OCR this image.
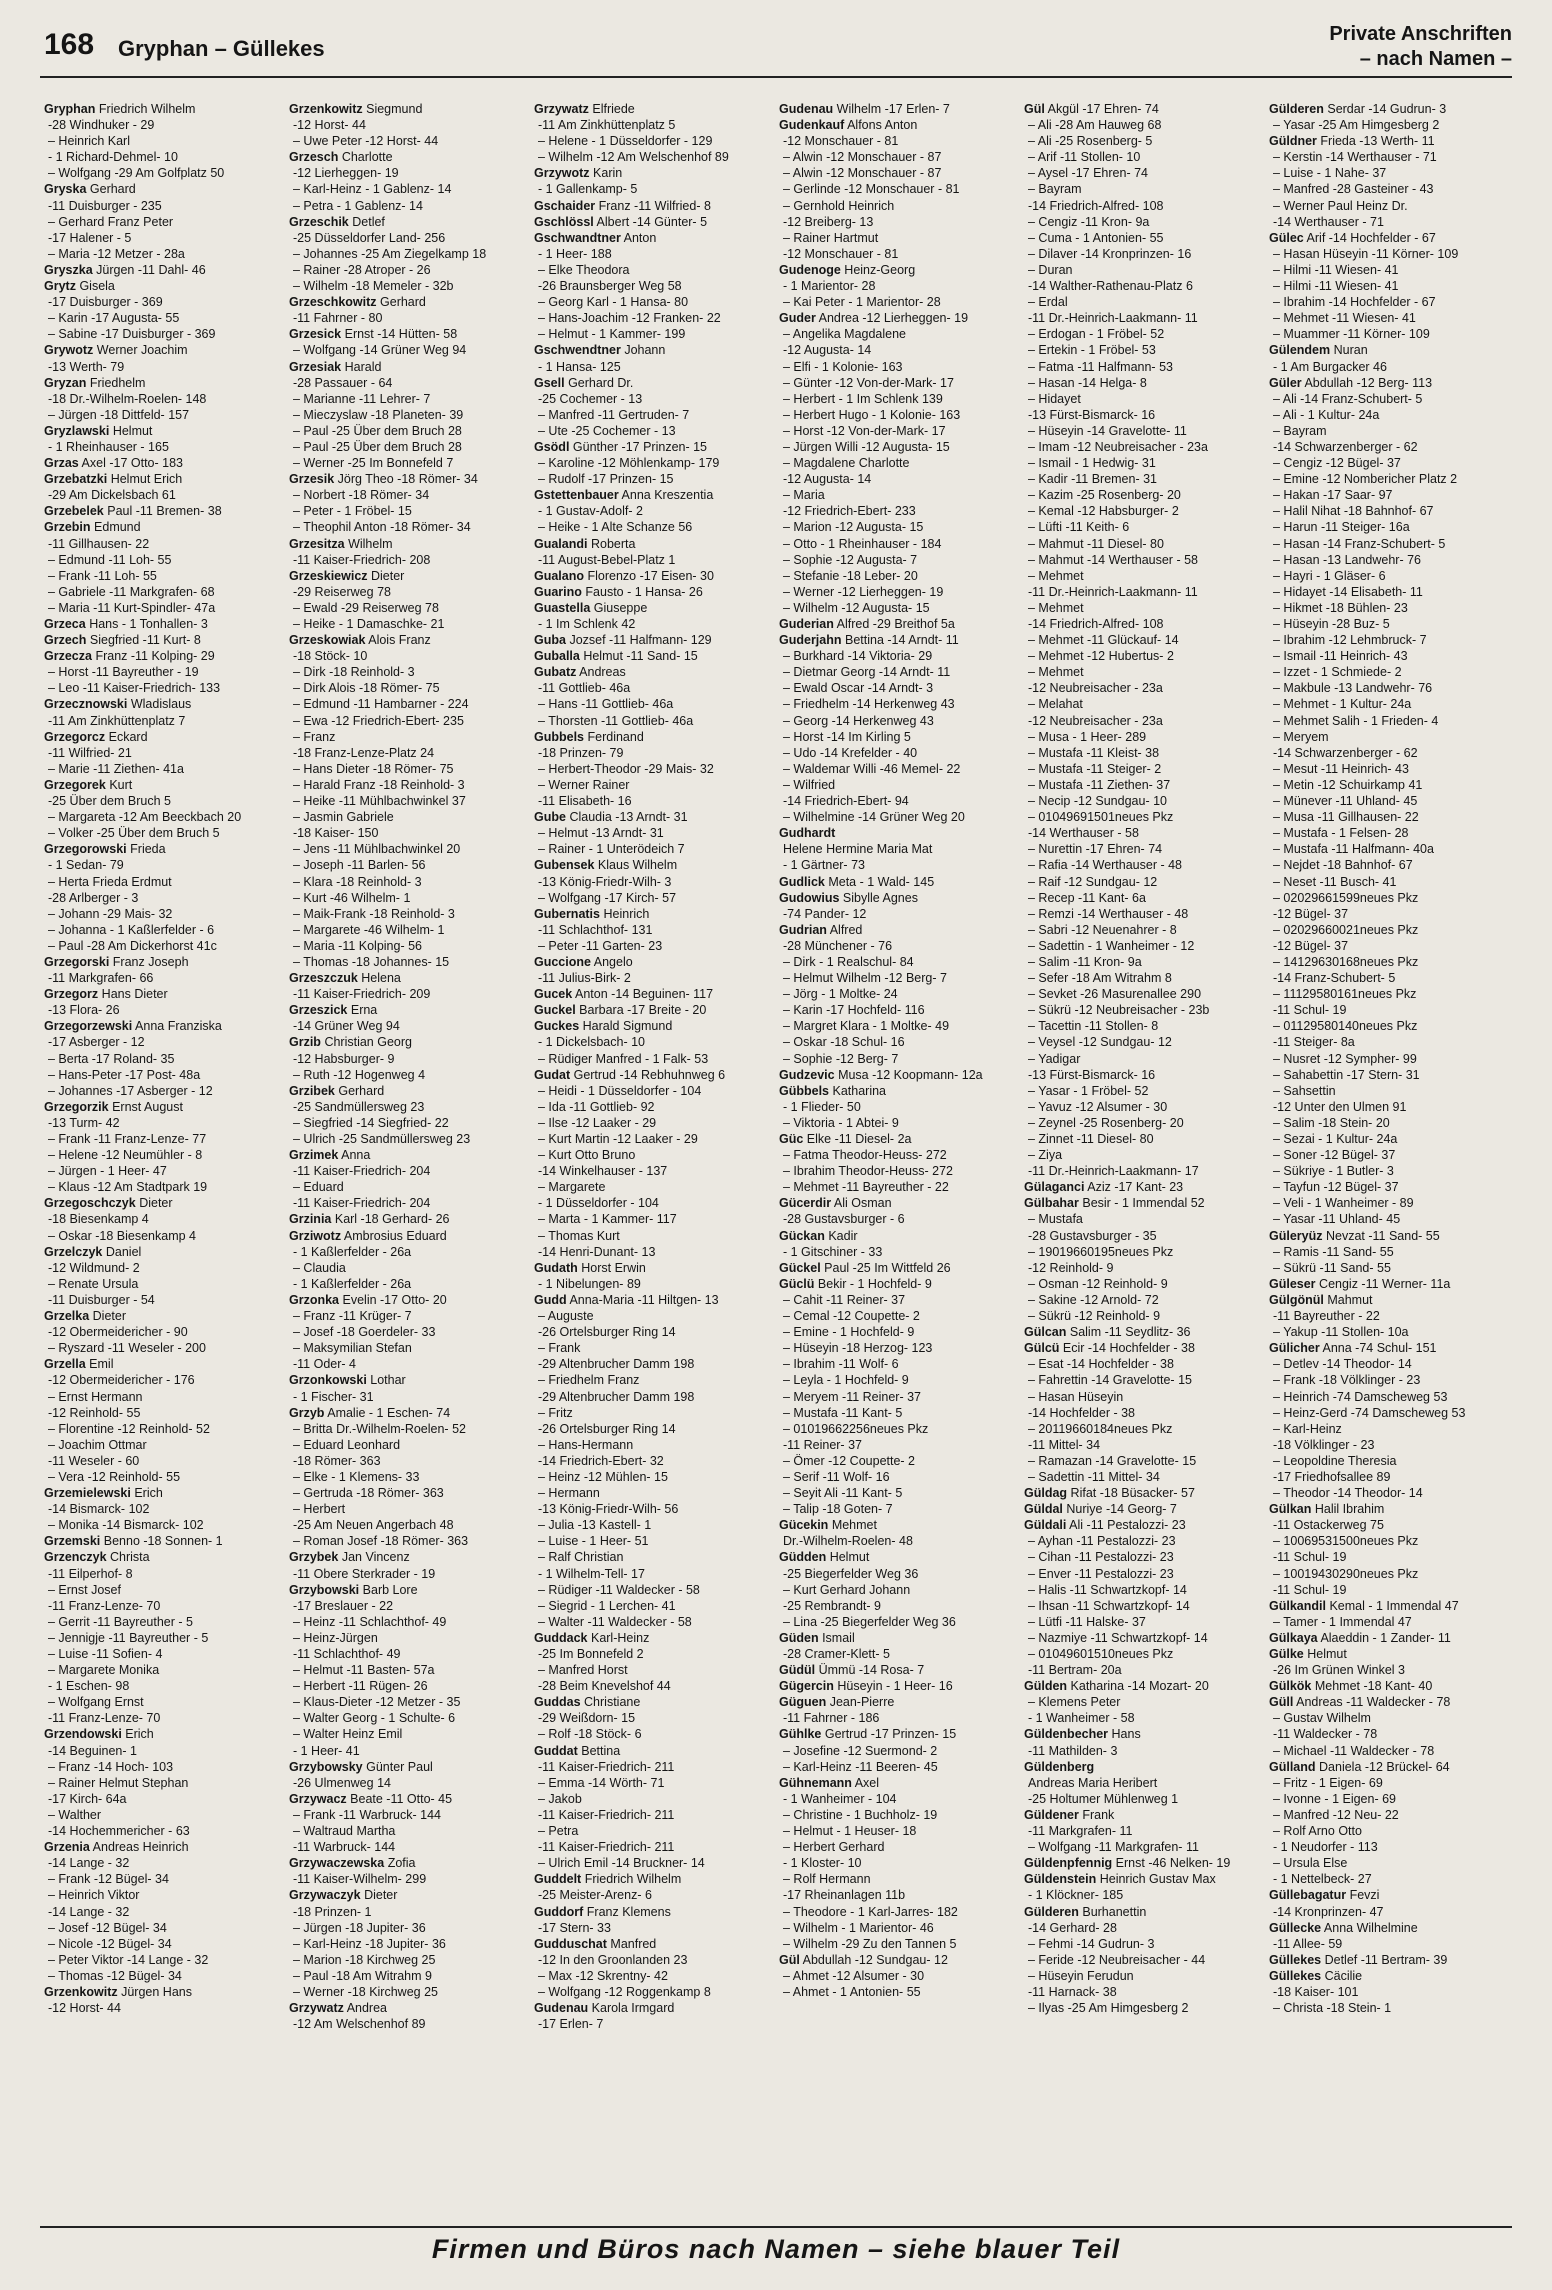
168 Gryphan – Güllekes
Private Anschriften
– nach Namen –
Gryphan Friedrich Wilhelm
-28 Windhuker - 29
– Heinrich Karl
- 1 Richard-Dehmel- 10
– Wolfgang -29 Am Golfplatz 50
Gryska Gerhard
-11 Duisburger - 235
– Gerhard Franz Peter
-17 Halener - 5
– Maria -12 Metzer - 28a
Gryszka Jürgen -11 Dahl- 46
Grytz Gisela
-17 Duisburger - 369
– Karin -17 Augusta- 55
– Sabine -17 Duisburger - 369
Grywotz Werner Joachim
-13 Werth- 79
Gryzan Friedhelm
-18 Dr.-Wilhelm-Roelen- 148
– Jürgen -18 Dittfeld- 157
Gryzlawski Helmut
- 1 Rheinhauser - 165
Grzas Axel -17 Otto- 183
Grzebatzki Helmut Erich
-29 Am Dickelsbach 61
Grzebelek Paul -11 Bremen- 38
Grzebin Edmund
-11 Gillhausen- 22
– Edmund -11 Loh- 55
– Frank -11 Loh- 55
– Gabriele -11 Markgrafen- 68
– Maria -11 Kurt-Spindler- 47a
Grzeca Hans - 1 Tonhallen- 3
Grzech Siegfried -11 Kurt- 8
Grzecza Franz -11 Kolping- 29
– Horst -11 Bayreuther - 19
– Leo -11 Kaiser-Friedrich- 133
Grzecznowski Wladislaus
-11 Am Zinkhüttenplatz 7
Grzegorcz Eckard
-11 Wilfried- 21
– Marie -11 Ziethen- 41a
Grzegorek Kurt
-25 Über dem Bruch 5
– Margareta -12 Am Beeckbach 20
– Volker -25 Über dem Bruch 5
Grzegorowski Frieda
- 1 Sedan- 79
– Herta Frieda Erdmut
-28 Arlberger - 3
– Johann -29 Mais- 32
– Johanna - 1 Kaßlerfelder - 6
– Paul -28 Am Dickerhorst 41c
Grzegorski Franz Joseph
-11 Markgrafen- 66
Grzegorz Hans Dieter
-13 Flora- 26
Grzegorzewski Anna Franziska
-17 Asberger - 12
– Berta -17 Roland- 35
– Hans-Peter -17 Post- 48a
– Johannes -17 Asberger - 12
Grzegorzik Ernst August
-13 Turm- 42
– Frank -11 Franz-Lenze- 77
– Helene -12 Neumühler - 8
– Jürgen - 1 Heer- 47
– Klaus -12 Am Stadtpark 19
Grzegoschczyk Dieter
-18 Biesenkamp 4
– Oskar -18 Biesenkamp 4
Grzelczyk Daniel
-12 Wildmund- 2
– Renate Ursula
-11 Duisburger - 54
Grzelka Dieter
-12 Obermeidericher - 90
– Ryszard -11 Weseler - 200
Grzella Emil
-12 Obermeidericher - 176
– Ernst Hermann
-12 Reinhold- 55
– Florentine -12 Reinhold- 52
– Joachim Ottmar
-11 Weseler - 60
– Vera -12 Reinhold- 55
Grzemielewski Erich
-14 Bismarck- 102
– Monika -14 Bismarck- 102
Grzemski Benno -18 Sonnen- 1
Grzenczyk Christa
-11 Eilperhof- 8
– Ernst Josef
-11 Franz-Lenze- 70
– Gerrit -11 Bayreuther - 5
– Jennigje -11 Bayreuther - 5
– Luise -11 Sofien- 4
– Margarete Monika
- 1 Eschen- 98
– Wolfgang Ernst
-11 Franz-Lenze- 70
Grzendowski Erich
-14 Beguinen- 1
– Franz -14 Hoch- 103
– Rainer Helmut Stephan
-17 Kirch- 64a
– Walther
-14 Hochemmericher - 63
Grzenia Andreas Heinrich
-14 Lange - 32
– Frank -12 Bügel- 34
– Heinrich Viktor
-14 Lange - 32
– Josef -12 Bügel- 34
– Nicole -12 Bügel- 34
– Peter Viktor -14 Lange - 32
– Thomas -12 Bügel- 34
Grzenkowitz Jürgen Hans
-12 Horst- 44
Grzenkowitz Siegmund
-12 Horst- 44
– Uwe Peter -12 Horst- 44
Grzesch Charlotte
-12 Lierheggen- 19
– Karl-Heinz - 1 Gablenz- 14
– Petra - 1 Gablenz- 14
Grzeschik Detlef
-25 Düsseldorfer Land- 256
– Johannes -25 Am Ziegelkamp 18
– Rainer -28 Atroper - 26
– Wilhelm -18 Memeler - 32b
Grzeschkowitz Gerhard
-11 Fahrner - 80
Grzesick Ernst -14 Hütten- 58
– Wolfgang -14 Grüner Weg 94
Grzesiak Harald
-28 Passauer - 64
– Marianne -11 Lehrer- 7
– Mieczyslaw -18 Planeten- 39
– Paul -25 Über dem Bruch 28
– Paul -25 Über dem Bruch 28
– Werner -25 Im Bonnefeld 7
Grzesik Jörg Theo -18 Römer- 34
– Norbert -18 Römer- 34
– Peter - 1 Fröbel- 15
– Theophil Anton -18 Römer- 34
Grzesitza Wilhelm
-11 Kaiser-Friedrich- 208
Grzeskiewicz Dieter
-29 Reiserweg 78
– Ewald -29 Reiserweg 78
– Heike - 1 Damaschke- 21
Grzeskowiak Alois Franz
-18 Stöck- 10
– Dirk -18 Reinhold- 3
– Dirk Alois -18 Römer- 75
– Edmund -11 Hambarner - 224
– Ewa -12 Friedrich-Ebert- 235
– Franz
-18 Franz-Lenze-Platz 24
– Hans Dieter -18 Römer- 75
– Harald Franz -18 Reinhold- 3
– Heike -11 Mühlbachwinkel 37
– Jasmin Gabriele
-18 Kaiser- 150
– Jens -11 Mühlbachwinkel 20
– Joseph -11 Barlen- 56
– Klara -18 Reinhold- 3
– Kurt -46 Wilhelm- 1
– Maik-Frank -18 Reinhold- 3
– Margarete -46 Wilhelm- 1
– Maria -11 Kolping- 56
– Thomas -18 Johannes- 15
Grzeszczuk Helena
-11 Kaiser-Friedrich- 209
Grzeszick Erna
-14 Grüner Weg 94
Grzib Christian Georg
-12 Habsburger- 9
– Ruth -12 Hogenweg 4
Grzibek Gerhard
-25 Sandmüllersweg 23
– Siegfried -14 Siegfried- 22
– Ulrich -25 Sandmüllersweg 23
Grzimek Anna
-11 Kaiser-Friedrich- 204
– Eduard
-11 Kaiser-Friedrich- 204
Grzinia Karl -18 Gerhard- 26
Grziwotz Ambrosius Eduard
- 1 Kaßlerfelder - 26a
– Claudia
- 1 Kaßlerfelder - 26a
Grzonka Evelin -17 Otto- 20
– Franz -11 Krüger- 7
– Josef -18 Goerdeler- 33
– Maksymilian Stefan
-11 Oder- 4
Grzonkowski Lothar
- 1 Fischer- 31
Grzyb Amalie - 1 Eschen- 74
– Britta Dr.-Wilhelm-Roelen- 52
– Eduard Leonhard
-18 Römer- 363
– Elke - 1 Klemens- 33
– Gertruda -18 Römer- 363
– Herbert
-25 Am Neuen Angerbach 48
– Roman Josef -18 Römer- 363
Grzybek Jan Vincenz
-11 Obere Sterkrader - 19
Grzybowski Barb Lore
-17 Breslauer - 22
– Heinz -11 Schlachthof- 49
– Heinz-Jürgen
-11 Schlachthof- 49
– Helmut -11 Basten- 57a
– Herbert -11 Rügen- 26
– Klaus-Dieter -12 Metzer - 35
– Walter Georg - 1 Schulte- 6
– Walter Heinz Emil
- 1 Heer- 41
Grzybowsky Günter Paul
-26 Ulmenweg 14
Grzywacz Beate -11 Otto- 45
– Frank -11 Warbruck- 144
– Waltraud Martha
-11 Warbruck- 144
Grzywaczewska Zofia
-11 Kaiser-Wilhelm- 299
Grzywaczyk Dieter
-18 Prinzen- 1
– Jürgen -18 Jupiter- 36
– Karl-Heinz -18 Jupiter- 36
– Marion -18 Kirchweg 25
– Paul -18 Am Witrahm 9
– Werner -18 Kirchweg 25
Grzywatz Andrea
-12 Am Welschenhof 89
Grzywatz Elfriede
-11 Am Zinkhüttenplatz 5
– Helene - 1 Düsseldorfer - 129
– Wilhelm -12 Am Welschenhof 89
Grzywotz Karin
- 1 Gallenkamp- 5
Gschaider Franz -11 Wilfried- 8
Gschlössl Albert -14 Günter- 5
Gschwandtner Anton
- 1 Heer- 188
– Elke Theodora
-26 Braunsberger Weg 58
– Georg Karl - 1 Hansa- 80
– Hans-Joachim -12 Franken- 22
– Helmut - 1 Kammer- 199
Gschwendtner Johann
- 1 Hansa- 125
Gsell Gerhard Dr.
-25 Cochemer - 13
– Manfred -11 Gertruden- 7
– Ute -25 Cochemer - 13
Gsödl Günther -17 Prinzen- 15
– Karoline -12 Möhlenkamp- 179
– Rudolf -17 Prinzen- 15
Gstettenbauer Anna Kreszentia
- 1 Gustav-Adolf- 2
– Heike - 1 Alte Schanze 56
Gualandi Roberta
-11 August-Bebel-Platz 1
Gualano Florenzo -17 Eisen- 30
Guarino Fausto - 1 Hansa- 26
Guastella Giuseppe
- 1 Im Schlenk 42
Guba Jozsef -11 Halfmann- 129
Guballa Helmut -11 Sand- 15
Gubatz Andreas
-11 Gottlieb- 46a
– Hans -11 Gottlieb- 46a
– Thorsten -11 Gottlieb- 46a
Gubbels Ferdinand
-18 Prinzen- 79
– Herbert-Theodor -29 Mais- 32
– Werner Rainer
-11 Elisabeth- 16
Gube Claudia -13 Arndt- 31
– Helmut -13 Arndt- 31
– Rainer - 1 Unterödeich 7
Gubensek Klaus Wilhelm
-13 König-Friedr-Wilh- 3
– Wolfgang -17 Kirch- 57
Gubernatis Heinrich
-11 Schlachthof- 131
– Peter -11 Garten- 23
Guccione Angelo
-11 Julius-Birk- 2
Gucek Anton -14 Beguinen- 117
Guckel Barbara -17 Breite - 20
Guckes Harald Sigmund
- 1 Dickelsbach- 10
– Rüdiger Manfred - 1 Falk- 53
Gudat Gertrud -14 Rebhuhnweg 6
– Heidi - 1 Düsseldorfer - 104
– Ida -11 Gottlieb- 92
– Ilse -12 Laaker - 29
– Kurt Martin -12 Laaker - 29
– Kurt Otto Bruno
-14 Winkelhauser - 137
– Margarete
- 1 Düsseldorfer - 104
– Marta - 1 Kammer- 117
– Thomas Kurt
-14 Henri-Dunant- 13
Gudath Horst Erwin
- 1 Nibelungen- 89
Gudd Anna-Maria -11 Hiltgen- 13
– Auguste
-26 Ortelsburger Ring 14
– Frank
-29 Altenbrucher Damm 198
– Friedhelm Franz
-29 Altenbrucher Damm 198
– Fritz
-26 Ortelsburger Ring 14
– Hans-Hermann
-14 Friedrich-Ebert- 32
– Heinz -12 Mühlen- 15
– Hermann
-13 König-Friedr-Wilh- 56
– Julia -13 Kastell- 1
– Luise - 1 Heer- 51
– Ralf Christian
- 1 Wilhelm-Tell- 17
– Rüdiger -11 Waldecker - 58
– Siegrid - 1 Lerchen- 41
– Walter -11 Waldecker - 58
Guddack Karl-Heinz
-25 Im Bonnefeld 2
– Manfred Horst
-28 Beim Knevelshof 44
Guddas Christiane
-29 Weißdorn- 15
– Rolf -18 Stöck- 6
Guddat Bettina
-11 Kaiser-Friedrich- 211
– Emma -14 Wörth- 71
– Jakob
-11 Kaiser-Friedrich- 211
– Petra
-11 Kaiser-Friedrich- 211
– Ulrich Emil -14 Bruckner- 14
Guddelt Friedrich Wilhelm
-25 Meister-Arenz- 6
Guddorf Franz Klemens
-17 Stern- 33
Gudduschat Manfred
-12 In den Groonlanden 23
– Max -12 Skrentny- 42
– Wolfgang -12 Roggenkamp 8
Gudenau Karola Irmgard
-17 Erlen- 7
Gudenau Wilhelm -17 Erlen- 7
Gudenkauf Alfons Anton
-12 Monschauer - 81
– Alwin -12 Monschauer - 87
– Alwin -12 Monschauer - 87
– Gerlinde -12 Monschauer - 81
– Gernhold Heinrich
-12 Breiberg- 13
– Rainer Hartmut
-12 Monschauer - 81
Gudenoge Heinz-Georg
- 1 Marientor- 28
– Kai Peter - 1 Marientor- 28
Guder Andrea -12 Lierheggen- 19
– Angelika Magdalene
-12 Augusta- 14
– Elfi - 1 Kolonie- 163
– Günter -12 Von-der-Mark- 17
– Herbert - 1 Im Schlenk 139
– Herbert Hugo - 1 Kolonie- 163
– Horst -12 Von-der-Mark- 17
– Jürgen Willi -12 Augusta- 15
– Magdalene Charlotte
-12 Augusta- 14
– Maria
-12 Friedrich-Ebert- 233
– Marion -12 Augusta- 15
– Otto - 1 Rheinhauser - 184
– Sophie -12 Augusta- 7
– Stefanie -18 Leber- 20
– Werner -12 Lierheggen- 19
– Wilhelm -12 Augusta- 15
Guderian Alfred -29 Breithof 5a
Guderjahn Bettina -14 Arndt- 11
– Burkhard -14 Viktoria- 29
– Dietmar Georg -14 Arndt- 11
– Ewald Oscar -14 Arndt- 3
– Friedhelm -14 Herkenweg 43
– Georg -14 Herkenweg 43
– Horst -14 Im Kirling 5
– Udo -14 Krefelder - 40
– Waldemar Willi -46 Memel- 22
– Wilfried
-14 Friedrich-Ebert- 94
– Wilhelmine -14 Grüner Weg 20
Gudhardt
Helene Hermine Maria Mat
- 1 Gärtner- 73
Gudlick Meta - 1 Wald- 145
Gudowius Sibylle Agnes
-74 Pander- 12
Gudrian Alfred
-28 Münchener - 76
– Dirk - 1 Realschul- 84
– Helmut Wilhelm -12 Berg- 7
– Jörg - 1 Moltke- 24
– Karin -17 Hochfeld- 116
– Margret Klara - 1 Moltke- 49
– Oskar -18 Schul- 16
– Sophie -12 Berg- 7
Gudzevic Musa -12 Koopmann- 12a
Gübbels Katharina
- 1 Flieder- 50
– Viktoria - 1 Abtei- 9
Güc Elke -11 Diesel- 2a
– Fatma Theodor-Heuss- 272
– Ibrahim Theodor-Heuss- 272
– Mehmet -11 Bayreuther - 22
Gücerdir Ali Osman
-28 Gustavsburger - 6
Gückan Kadir
- 1 Gitschiner - 33
Gückel Paul -25 Im Wittfeld 26
Güclü Bekir - 1 Hochfeld- 9
– Cahit -11 Reiner- 37
– Cemal -12 Coupette- 2
– Emine - 1 Hochfeld- 9
– Hüseyin -18 Herzog- 123
– Ibrahim -11 Wolf- 6
– Leyla - 1 Hochfeld- 9
– Meryem -11 Reiner- 37
– Mustafa -11 Kant- 5
– 01019662256neues Pkz
-11 Reiner- 37
– Ömer -12 Coupette- 2
– Serif -11 Wolf- 16
– Seyit Ali -11 Kant- 5
– Talip -18 Goten- 7
Gücekin Mehmet
Dr.-Wilhelm-Roelen- 48
Güdden Helmut
-25 Biegerfelder Weg 36
– Kurt Gerhard Johann
-25 Rembrandt- 9
– Lina -25 Biegerfelder Weg 36
Güden Ismail
-28 Cramer-Klett- 5
Güdül Ümmü -14 Rosa- 7
Gügercin Hüseyin - 1 Heer- 16
Güguen Jean-Pierre
-11 Fahrner - 186
Gühlke Gertrud -17 Prinzen- 15
– Josefine -12 Suermond- 2
– Karl-Heinz -11 Beeren- 45
Gühnemann Axel
- 1 Wanheimer - 104
– Christine - 1 Buchholz- 19
– Helmut - 1 Heuser- 18
– Herbert Gerhard
- 1 Kloster- 10
– Rolf Hermann
-17 Rheinanlagen 11b
– Theodore - 1 Karl-Jarres- 182
– Wilhelm - 1 Marientor- 46
– Wilhelm -29 Zu den Tannen 5
Gül Abdullah -12 Sundgau- 12
– Ahmet -12 Alsumer - 30
– Ahmet - 1 Antonien- 55
Gül Akgül -17 Ehren- 74
– Ali -28 Am Hauweg 68
– Ali -25 Rosenberg- 5
– Arif -11 Stollen- 10
– Aysel -17 Ehren- 74
– Bayram
-14 Friedrich-Alfred- 108
– Cengiz -11 Kron- 9a
– Cuma - 1 Antonien- 55
– Dilaver -14 Kronprinzen- 16
– Duran
-14 Walther-Rathenau-Platz 6
– Erdal
-11 Dr.-Heinrich-Laakmann- 11
– Erdogan - 1 Fröbel- 52
– Ertekin - 1 Fröbel- 53
– Fatma -11 Halfmann- 53
– Hasan -14 Helga- 8
– Hidayet
-13 Fürst-Bismarck- 16
– Hüseyin -14 Gravelotte- 11
– Imam -12 Neubreisacher - 23a
– Ismail - 1 Hedwig- 31
– Kadir -11 Bremen- 31
– Kazim -25 Rosenberg- 20
– Kemal -12 Habsburger- 2
– Lüfti -11 Keith- 6
– Mahmut -11 Diesel- 80
– Mahmut -14 Werthauser - 58
– Mehmet
-11 Dr.-Heinrich-Laakmann- 11
– Mehmet
-14 Friedrich-Alfred- 108
– Mehmet -11 Glückauf- 14
– Mehmet -12 Hubertus- 2
– Mehmet
-12 Neubreisacher - 23a
– Melahat
-12 Neubreisacher - 23a
– Musa - 1 Heer- 289
– Mustafa -11 Kleist- 38
– Mustafa -11 Steiger- 2
– Mustafa -11 Ziethen- 37
– Necip -12 Sundgau- 10
– 01049691501neues Pkz
-14 Werthauser - 58
– Nurettin -17 Ehren- 74
– Rafia -14 Werthauser - 48
– Raif -12 Sundgau- 12
– Recep -11 Kant- 6a
– Remzi -14 Werthauser - 48
– Sabri -12 Neuenahrer - 8
– Sadettin - 1 Wanheimer - 12
– Salim -11 Kron- 9a
– Sefer -18 Am Witrahm 8
– Sevket -26 Masurenallee 290
– Sükrü -12 Neubreisacher - 23b
– Tacettin -11 Stollen- 8
– Veysel -12 Sundgau- 12
– Yadigar
-13 Fürst-Bismarck- 16
– Yasar - 1 Fröbel- 52
– Yavuz -12 Alsumer - 30
– Zeynel -25 Rosenberg- 20
– Zinnet -11 Diesel- 80
– Ziya
-11 Dr.-Heinrich-Laakmann- 17
Gülaganci Aziz -17 Kant- 23
Gülbahar Besir - 1 Immendal 52
– Mustafa
-28 Gustavsburger - 35
– 19019660195neues Pkz
-12 Reinhold- 9
– Osman -12 Reinhold- 9
– Sakine -12 Arnold- 72
– Sükrü -12 Reinhold- 9
Gülcan Salim -11 Seydlitz- 36
Gülcü Ecir -14 Hochfelder - 38
– Esat -14 Hochfelder - 38
– Fahrettin -14 Gravelotte- 15
– Hasan Hüseyin
-14 Hochfelder - 38
– 20119660184neues Pkz
-11 Mittel- 34
– Ramazan -14 Gravelotte- 15
– Sadettin -11 Mittel- 34
Güldag Rifat -18 Büsacker- 57
Güldal Nuriye -14 Georg- 7
Güldali Ali -11 Pestalozzi- 23
– Ayhan -11 Pestalozzi- 23
– Cihan -11 Pestalozzi- 23
– Enver -11 Pestalozzi- 23
– Halis -11 Schwartzkopf- 14
– Ihsan -11 Schwartzkopf- 14
– Lütfi -11 Halske- 37
– Nazmiye -11 Schwartzkopf- 14
– 01049601510neues Pkz
-11 Bertram- 20a
Gülden Katharina -14 Mozart- 20
– Klemens Peter
- 1 Wanheimer - 58
Güldenbecher Hans
-11 Mathilden- 3
Güldenberg
Andreas Maria Heribert
-25 Holtumer Mühlenweg 1
Güldener Frank
-11 Markgrafen- 11
– Wolfgang -11 Markgrafen- 11
Güldenpfennig Ernst -46 Nelken- 19
Güldenstein Heinrich Gustav Max
- 1 Klöckner- 185
Gülderen Burhanettin
-14 Gerhard- 28
– Fehmi -14 Gudrun- 3
– Feride -12 Neubreisacher - 44
– Hüseyin Ferudun
-11 Harnack- 38
– Ilyas -25 Am Himgesberg 2
Gülderen Serdar -14 Gudrun- 3
– Yasar -25 Am Himgesberg 2
Güldner Frieda -13 Werth- 11
– Kerstin -14 Werthauser - 71
– Luise - 1 Nahe- 37
– Manfred -28 Gasteiner - 43
– Werner Paul Heinz Dr.
-14 Werthauser - 71
Gülec Arif -14 Hochfelder - 67
– Hasan Hüseyin -11 Körner- 109
– Hilmi -11 Wiesen- 41
– Hilmi -11 Wiesen- 41
– Ibrahim -14 Hochfelder - 67
– Mehmet -11 Wiesen- 41
– Muammer -11 Körner- 109
Gülendem Nuran
- 1 Am Burgacker 46
Güler Abdullah -12 Berg- 113
– Ali -14 Franz-Schubert- 5
– Ali - 1 Kultur- 24a
– Bayram
-14 Schwarzenberger - 62
– Cengiz -12 Bügel- 37
– Emine -12 Nombericher Platz 2
– Hakan -17 Saar- 97
– Halil Nihat -18 Bahnhof- 67
– Harun -11 Steiger- 16a
– Hasan -14 Franz-Schubert- 5
– Hasan -13 Landwehr- 76
– Hayri - 1 Gläser- 6
– Hidayet -14 Elisabeth- 11
– Hikmet -18 Bühlen- 23
– Hüseyin -28 Buz- 5
– Ibrahim -12 Lehmbruck- 7
– Ismail -11 Heinrich- 43
– Izzet - 1 Schmiede- 2
– Makbule -13 Landwehr- 76
– Mehmet - 1 Kultur- 24a
– Mehmet Salih - 1 Frieden- 4
– Meryem
-14 Schwarzenberger - 62
– Mesut -11 Heinrich- 43
– Metin -12 Schuirkamp 41
– Münever -11 Uhland- 45
– Musa -11 Gillhausen- 22
– Mustafa - 1 Felsen- 28
– Mustafa -11 Halfmann- 40a
– Nejdet -18 Bahnhof- 67
– Neset -11 Busch- 41
– 02029661599neues Pkz
-12 Bügel- 37
– 02029660021neues Pkz
-12 Bügel- 37
– 14129630168neues Pkz
-14 Franz-Schubert- 5
– 11129580161neues Pkz
-11 Schul- 19
– 01129580140neues Pkz
-11 Steiger- 8a
– Nusret -12 Sympher- 99
– Sahabettin -17 Stern- 31
– Sahsettin
-12 Unter den Ulmen 91
– Salim -18 Stein- 20
– Sezai - 1 Kultur- 24a
– Soner -12 Bügel- 37
– Sükriye - 1 Butler- 3
– Tayfun -12 Bügel- 37
– Veli - 1 Wanheimer - 89
– Yasar -11 Uhland- 45
Güleryüz Nevzat -11 Sand- 55
– Ramis -11 Sand- 55
– Sükrü -11 Sand- 55
Güleser Cengiz -11 Werner- 11a
Gülgönül Mahmut
-11 Bayreuther - 22
– Yakup -11 Stollen- 10a
Gülicher Anna -74 Schul- 151
– Detlev -14 Theodor- 14
– Frank -18 Völklinger - 23
– Heinrich -74 Damscheweg 53
– Heinz-Gerd -74 Damscheweg 53
– Karl-Heinz
-18 Völklinger - 23
– Leopoldine Theresia
-17 Friedhofsallee 89
– Theodor -14 Theodor- 14
Gülkan Halil Ibrahim
-11 Ostackerweg 75
– 10069531500neues Pkz
-11 Schul- 19
– 10019430290neues Pkz
-11 Schul- 19
Gülkandil Kemal - 1 Immendal 47
– Tamer - 1 Immendal 47
Gülkaya Alaeddin - 1 Zander- 11
Gülke Helmut
-26 Im Grünen Winkel 3
Gülkök Mehmet -18 Kant- 40
Güll Andreas -11 Waldecker - 78
– Gustav Wilhelm
-11 Waldecker - 78
– Michael -11 Waldecker - 78
Gülland Daniela -12 Brückel- 64
– Fritz - 1 Eigen- 69
– Ivonne - 1 Eigen- 69
– Manfred -12 Neu- 22
– Rolf Arno Otto
- 1 Neudorfer - 113
– Ursula Else
- 1 Nettelbeck- 27
Güllebagatur Fevzi
-14 Kronprinzen- 47
Güllecke Anna Wilhelmine
-11 Allee- 59
Güllekes Detlef -11 Bertram- 39
Güllekes Cäcilie
-18 Kaiser- 101
– Christa -18 Stein- 1
Firmen und Büros nach Namen – siehe blauer Teil
